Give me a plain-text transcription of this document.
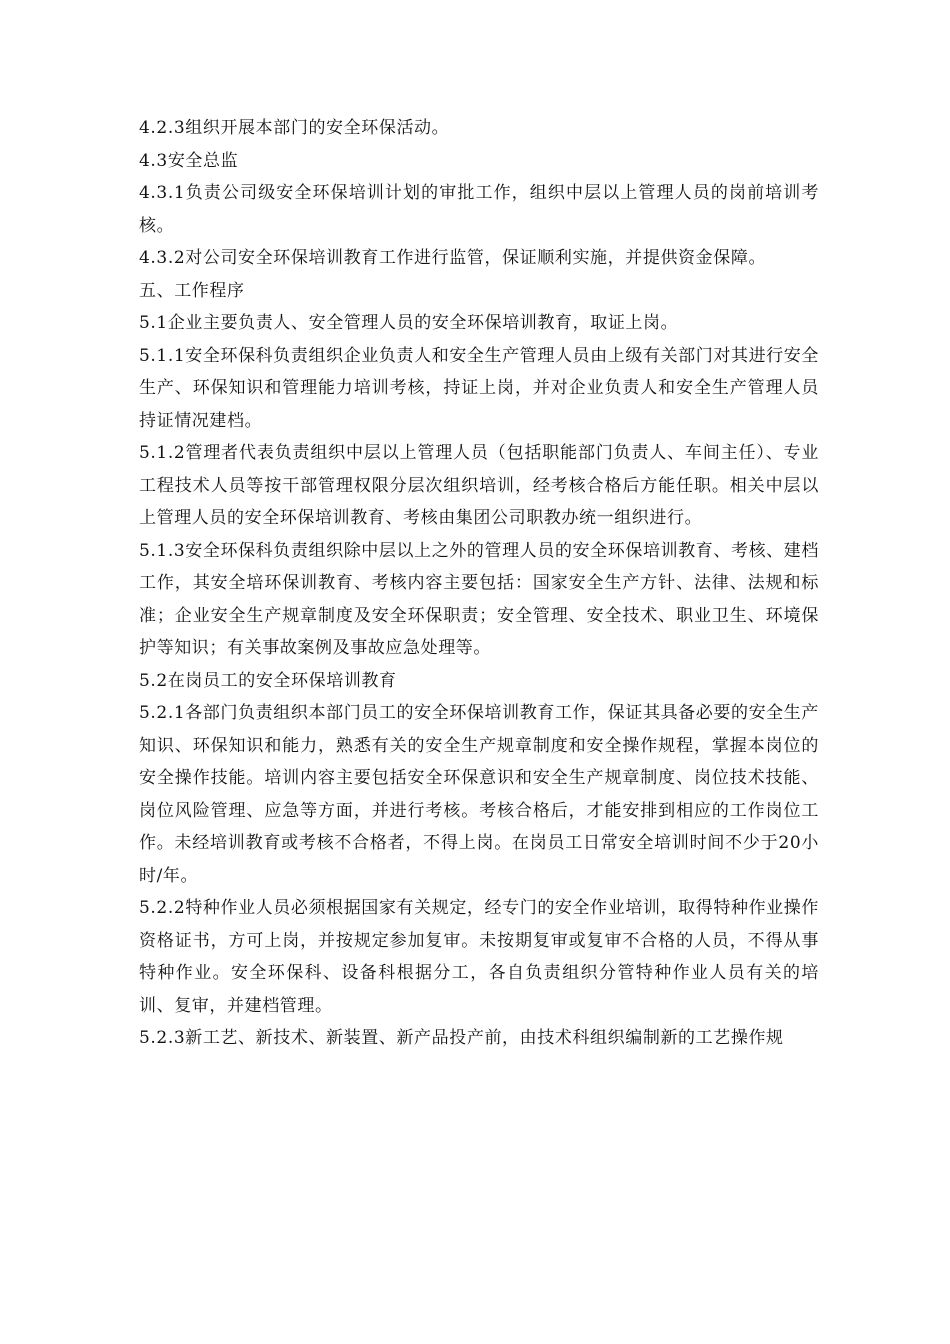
4.2.3组织开展本部门的安全环保活动。

4.3安全总监

4.3.1负责公司级安全环保培训计划的审批工作，组织中层以上管理人员的岗前培训考核。

4.3.2对公司安全环保培训教育工作进行监管，保证顺利实施，并提供资金保障。

五、工作程序

5.1企业主要负责人、安全管理人员的安全环保培训教育，取证上岗。

5.1.1安全环保科负责组织企业负责人和安全生产管理人员由上级有关部门对其进行安全生产、环保知识和管理能力培训考核，持证上岗，并对企业负责人和安全生产管理人员持证情况建档。

5.1.2管理者代表负责组织中层以上管理人员（包括职能部门负责人、车间主任）、专业工程技术人员等按干部管理权限分层次组织培训，经考核合格后方能任职。相关中层以上管理人员的安全环保培训教育、考核由集团公司职教办统一组织进行。

5.1.3安全环保科负责组织除中层以上之外的管理人员的安全环保培训教育、考核、建档工作，其安全培环保训教育、考核内容主要包括：国家安全生产方针、法律、法规和标准；企业安全生产规章制度及安全环保职责；安全管理、安全技术、职业卫生、环境保护等知识；有关事故案例及事故应急处理等。

5.2在岗员工的安全环保培训教育

5.2.1各部门负责组织本部门员工的安全环保培训教育工作，保证其具备必要的安全生产知识、环保知识和能力，熟悉有关的安全生产规章制度和安全操作规程，掌握本岗位的安全操作技能。培训内容主要包括安全环保意识和安全生产规章制度、岗位技术技能、岗位风险管理、应急等方面，并进行考核。考核合格后，才能安排到相应的工作岗位工作。未经培训教育或考核不合格者，不得上岗。在岗员工日常安全培训时间不少于20小时/年。

5.2.2特种作业人员必须根据国家有关规定，经专门的安全作业培训，取得特种作业操作资格证书，方可上岗，并按规定参加复审。未按期复审或复审不合格的人员，不得从事特种作业。安全环保科、设备科根据分工，各自负责组织分管特种作业人员有关的培训、复审，并建档管理。

5.2.3新工艺、新技术、新装置、新产品投产前，由技术科组织编制新的工艺操作规
